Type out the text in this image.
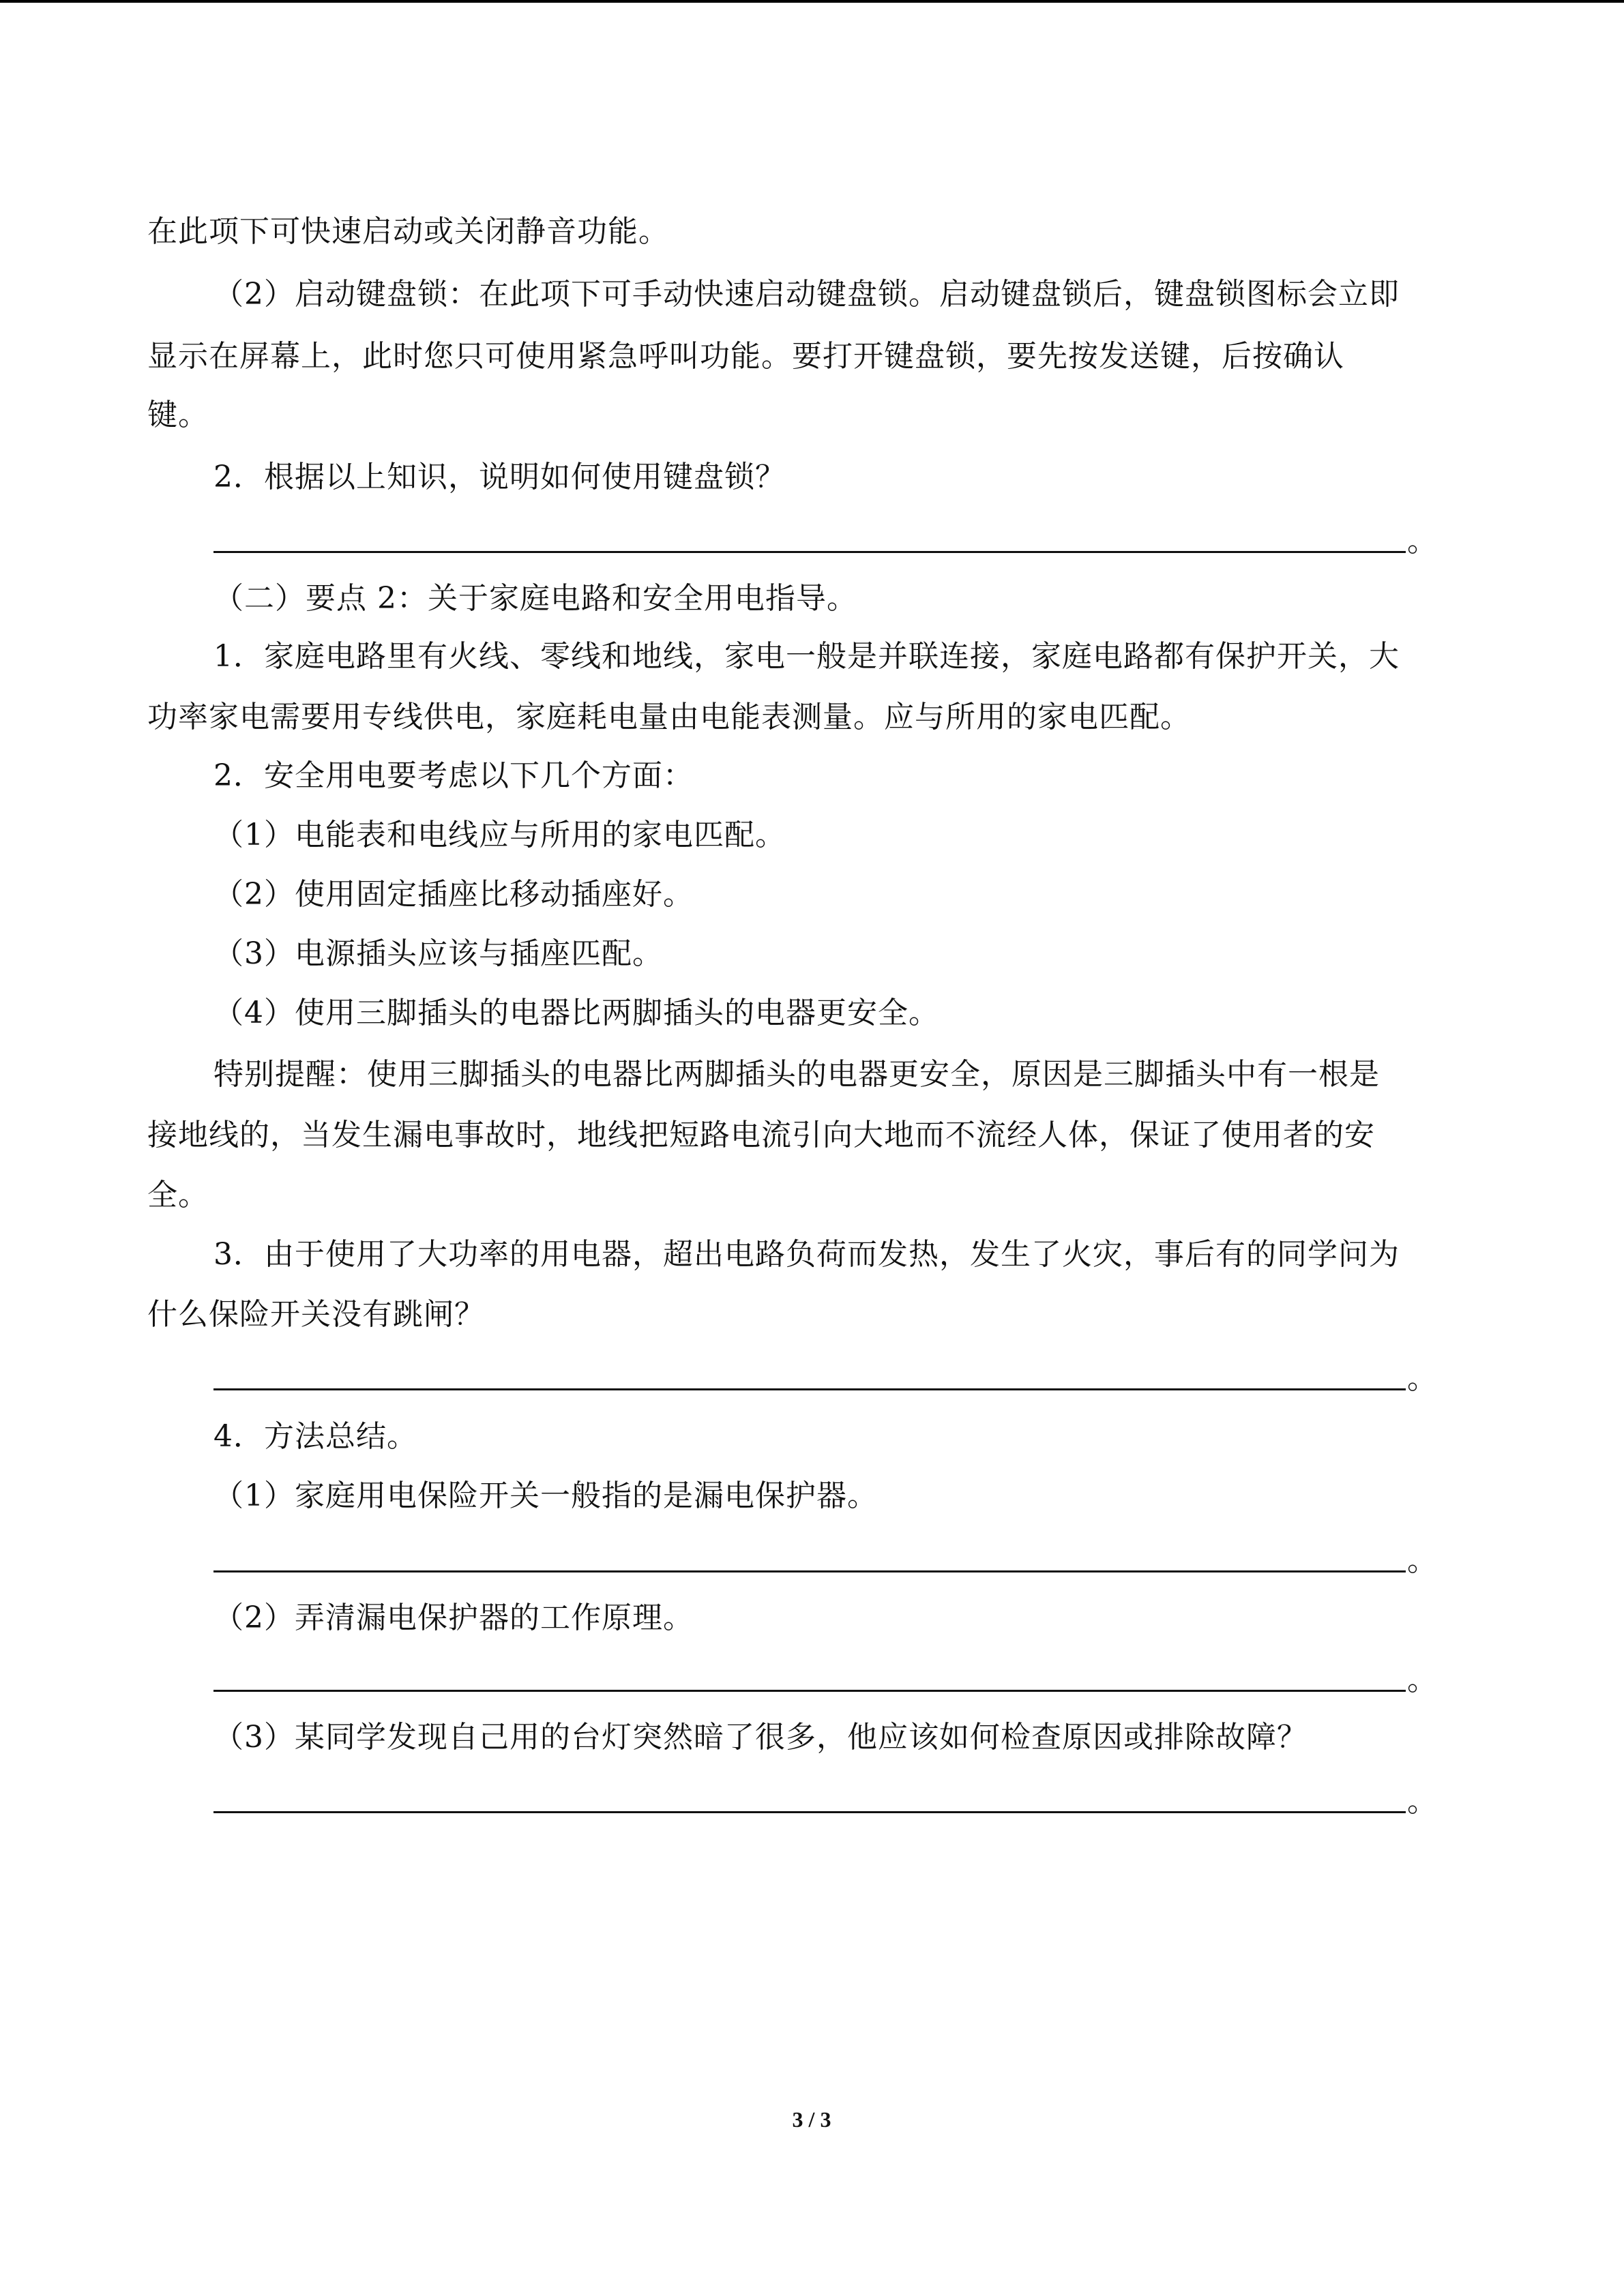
在此项下可快速启动或关闭静音功能。
（2）启动键盘锁：在此项下可手动快速启动键盘锁。启动键盘锁后，键盘锁图标会立即
显示在屏幕上，此时您只可使用紧急呼叫功能。要打开键盘锁，要先按发送键，后按确认
键。
2．根据以上知识，说明如何使用键盘锁？
。
（二）要点 2：关于家庭电路和安全用电指导。
1．家庭电路里有火线、零线和地线，家电一般是并联连接，家庭电路都有保护开关，大
功率家电需要用专线供电，家庭耗电量由电能表测量。应与所用的家电匹配。
2．安全用电要考虑以下几个方面：
（1）电能表和电线应与所用的家电匹配。
（2）使用固定插座比移动插座好。
（3）电源插头应该与插座匹配。
（4）使用三脚插头的电器比两脚插头的电器更安全。
特别提醒：使用三脚插头的电器比两脚插头的电器更安全，原因是三脚插头中有一根是
接地线的，当发生漏电事故时，地线把短路电流引向大地而不流经人体，保证了使用者的安
全。
3．由于使用了大功率的用电器，超出电路负荷而发热，发生了火灾，事后有的同学问为
什么保险开关没有跳闸？
。
4．方法总结。
（1）家庭用电保险开关一般指的是漏电保护器。
。
（2）弄清漏电保护器的工作原理。
。
（3）某同学发现自己用的台灯突然暗了很多，他应该如何检查原因或排除故障？
。
3 / 3
